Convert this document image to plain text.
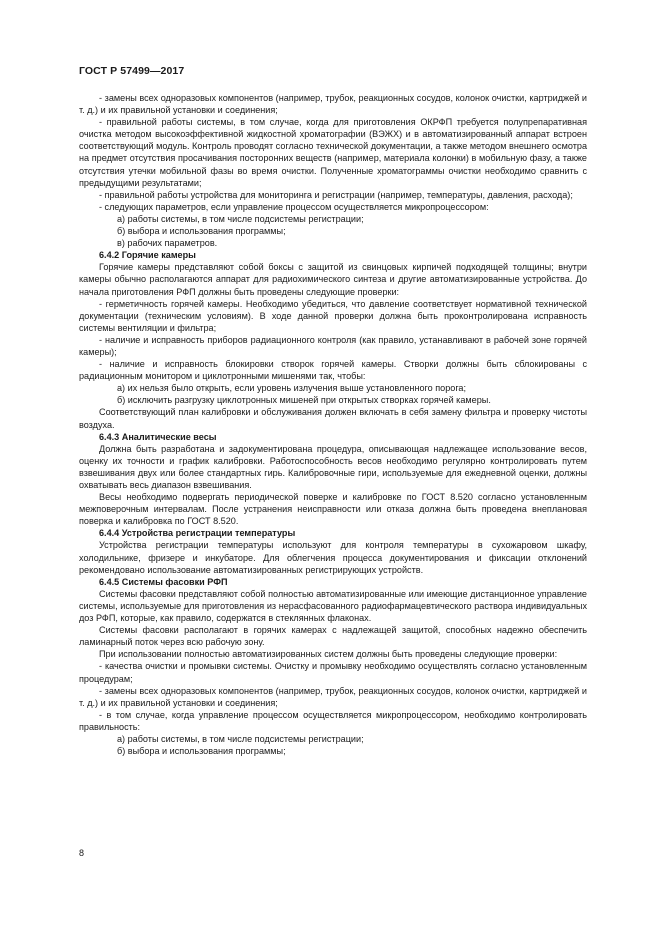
ГОСТ Р 57499—2017

- замены всех одноразовых компонентов (например, трубок, реакционных сосудов, колонок очистки, картриджей и т. д.) и их правильной установки и соединения;

- правильной работы системы, в том случае, когда для приготовления ОКРФП требуется полупрепаративная очистка методом высокоэффективной жидкостной хроматографии (ВЭЖХ) и в автоматизированный аппарат встроен соответствующий модуль. Контроль проводят согласно технической документации, а также методом внешнего осмотра на предмет отсутствия просачивания посторонних веществ (например, материала колонки) в мобильную фазу, а также отсутствия утечки мобильной фазы во время очистки. Полученные хроматограммы очистки необходимо сравнить с предыдущими результатами;

- правильной работы устройства для мониторинга и регистрации (например, температуры, давления, расхода);

- следующих параметров, если управление процессом осуществляется микропроцессором:

а) работы системы, в том числе подсистемы регистрации;

б) выбора и использования программы;

в) рабочих параметров.

6.4.2 Горячие камеры

Горячие камеры представляют собой боксы с защитой из свинцовых кирпичей подходящей толщины; внутри камеры обычно располагаются аппарат для радиохимического синтеза и другие автоматизированные устройства. До начала приготовления РФП должны быть проведены следующие проверки:

- герметичность горячей камеры. Необходимо убедиться, что давление соответствует нормативной технической документации (техническим условиям). В ходе данной проверки должна быть проконтролирована исправность системы вентиляции и фильтра;

- наличие и исправность приборов радиационного контроля (как правило, устанавливают в рабочей зоне горячей камеры);

- наличие и исправность блокировки створок горячей камеры. Створки должны быть сблокированы с радиационным монитором и циклотронными мишенями так, чтобы:

а) их нельзя было открыть, если уровень излучения выше установленного порога;

б) исключить разгрузку циклотронных мишеней при открытых створках горячей камеры.

Соответствующий план калибровки и обслуживания должен включать в себя замену фильтра и проверку чистоты воздуха.

6.4.3 Аналитические весы

Должна быть разработана и задокументирована процедура, описывающая надлежащее использование весов, оценку их точности и график калибровки. Работоспособность весов необходимо регулярно контролировать путем взвешивания двух или более стандартных гирь. Калибровочные гири, используемые для ежедневной оценки, должны охватывать весь диапазон взвешивания.

Весы необходимо подвергать периодической поверке и калибровке по ГОСТ 8.520 согласно установленным межповерочным интервалам. После устранения неисправности или отказа должна быть проведена внеплановая поверка и калибровка по ГОСТ 8.520.

6.4.4 Устройства регистрации температуры

Устройства регистрации температуры используют для контроля температуры в сухожаровом шкафу, холодильнике, фризере и инкубаторе. Для облегчения процесса документирования и фиксации отклонений рекомендовано использование автоматизированных регистрирующих устройств.

6.4.5 Системы фасовки РФП

Системы фасовки представляют собой полностью автоматизированные или имеющие дистанционное управление системы, используемые для приготовления из нерасфасованного радиофармацевтического раствора индивидуальных доз РФП, которые, как правило, содержатся в стеклянных флаконах.

Системы фасовки располагают в горячих камерах с надлежащей защитой, способных надежно обеспечить ламинарный поток через всю рабочую зону.

При использовании полностью автоматизированных систем должны быть проведены следующие проверки:

- качества очистки и промывки системы. Очистку и промывку необходимо осуществлять согласно установленным процедурам;

- замены всех одноразовых компонентов (например, трубок, реакционных сосудов, колонок очистки, картриджей и т. д.) и их правильной установки и соединения;

- в том случае, когда управление процессом осуществляется микропроцессором, необходимо контролировать правильность:

а) работы системы, в том числе подсистемы регистрации;

б) выбора и использования программы;

8
